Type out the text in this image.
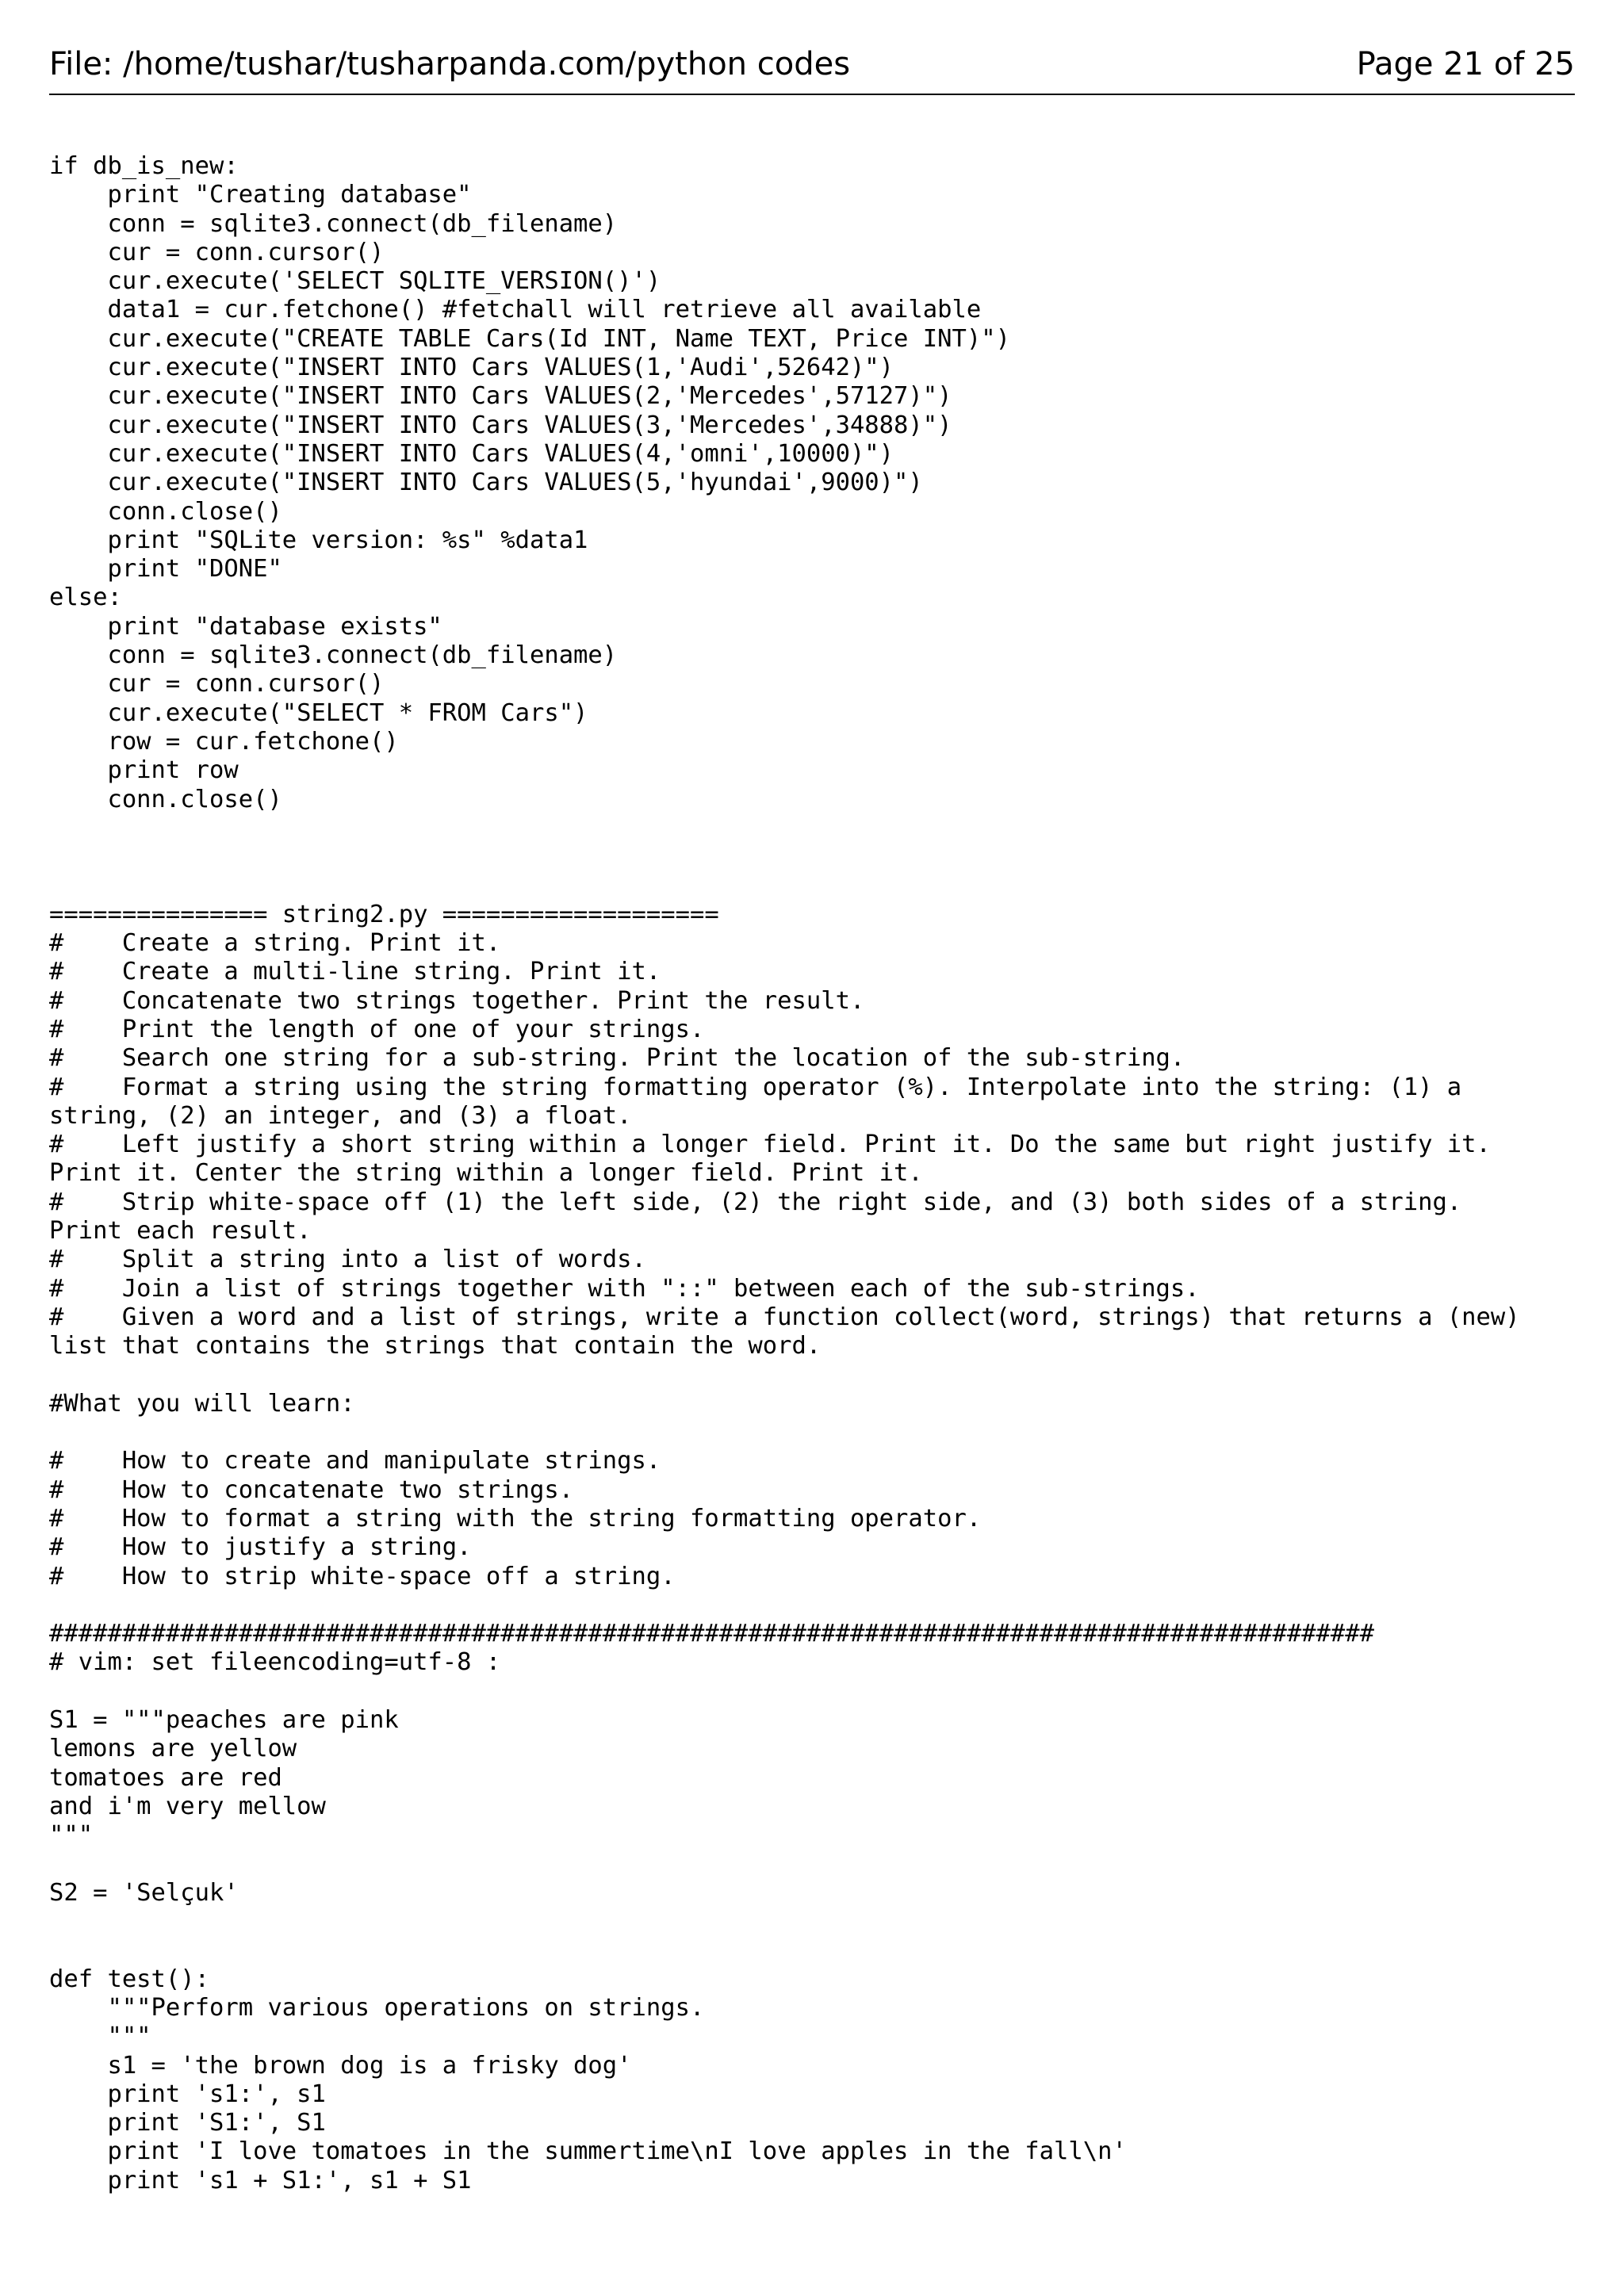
File: /home/tushar/tusharpanda.com/python codes	Page 21 of 25
if db_is_new:
print "Creating database"
conn = sqlite3.connect(db_filename)
cur = conn.cursor()
cur.execute('SELECT SQLITE_VERSION()')
data1 = cur.fetchone() #fetchall will retrieve all available
cur.execute("CREATE TABLE Cars(Id INT, Name TEXT, Price INT)")
cur.execute("INSERT INTO Cars VALUES(1,'Audi',52642)")
cur.execute("INSERT INTO Cars VALUES(2,'Mercedes',57127)")
cur.execute("INSERT INTO Cars VALUES(3,'Mercedes',34888)")
cur.execute("INSERT INTO Cars VALUES(4,'omni',10000)")
cur.execute("INSERT INTO Cars VALUES(5,'hyundai',9000)")
conn.close()
print "SQLite version: %s" %data1
print "DONE"
else:
print "database exists"
conn = sqlite3.connect(db_filename)
cur = conn.cursor()
cur.execute("SELECT * FROM Cars")
row = cur.fetchone()
print row
conn.close()
=============== string2.py ===================
#    Create a string. Print it.
#    Create a multi-line string. Print it.
#    Concatenate two strings together. Print the result.
#    Print the length of one of your strings.
#    Search one string for a sub-string. Print the location of the sub-string.
#    Format a string using the string formatting operator (%). Interpolate into the string: (1) a
string, (2) an integer, and (3) a float.
#    Left justify a short string within a longer field. Print it. Do the same but right justify it.
Print it. Center the string within a longer field. Print it.
#    Strip white-space off (1) the left side, (2) the right side, and (3) both sides of a string.
Print each result.
#    Split a string into a list of words.
#    Join a list of strings together with "::" between each of the sub-strings.
#    Given a word and a list of strings, write a function collect(word, strings) that returns a (new)
list that contains the strings that contain the word.
#What you will learn:
#    How to create and manipulate strings.
#    How to concatenate two strings.
#    How to format a string with the string formatting operator.
#    How to justify a string.
#    How to strip white-space off a string.
###########################################################################################
# vim: set fileencoding=utf-8 :
S1 = """peaches are pink
lemons are yellow
tomatoes are red
and i'm very mellow
"""
S2 = 'Selçuk'
def test():
"""Perform various operations on strings.
"""
s1 = 'the brown dog is a frisky dog'
print 's1:', s1
print 'S1:', S1
print 'I love tomatoes in the summertime\nI love apples in the fall\n'
print 's1 + S1:', s1 + S1
